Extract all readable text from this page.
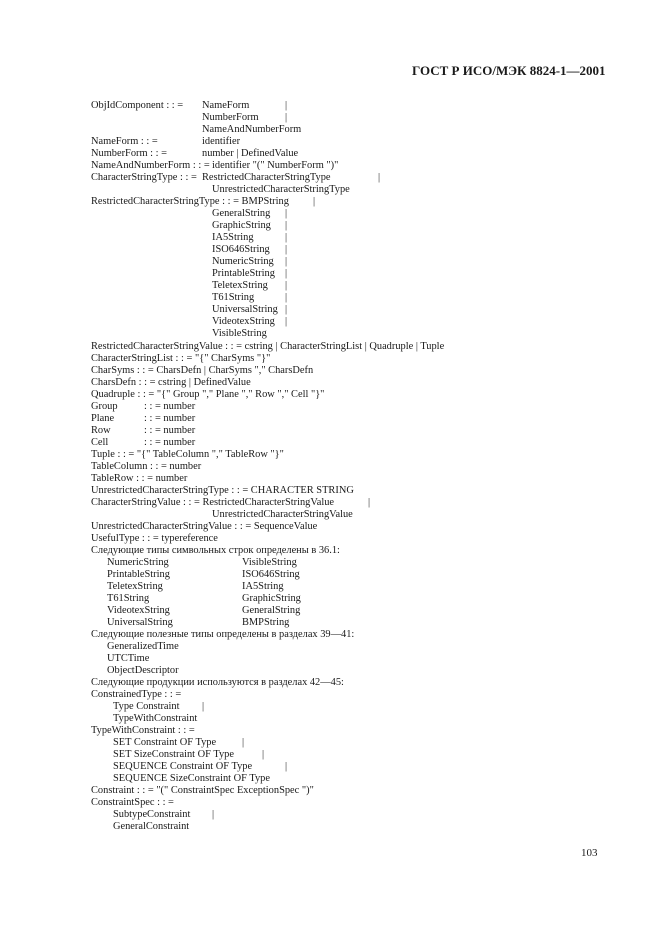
ГОСТ Р ИСО/МЭК 8824-1—2001
ObjIdComponent : : = NameForm	|
NumberForm	|
NameAndNumberForm
NameForm : : =	identifier
NumberForm : : =	number | DefinedValue
NameAndNumberForm : : = identifier "(" NumberForm ")"
CharacterStringType : : = RestrictedCharacterStringType	|
UnrestrictedCharacterStringType
RestrictedCharacterStringType : : = BMPString |
GeneralString |
GraphicString |
IA5String	|
ISO646String |
NumericString |
PrintableString |
TeletexString |
T61String	|
UniversalString |
VideotexString |
VisibleString
RestrictedCharacterStringValue : : = cstring | CharacterStringList | Quadruple | Tuple
CharacterStringList : : = "{" CharSyms "}"
CharSyms : : = CharsDefn | CharSyms "," CharsDefn
CharsDefn : : = cstring | DefinedValue
Quadruple : : = "{" Group "," Plane "," Row "," Cell "}"
Group	: : = number
Plane	: : = number
Row	: : = number
Cell	: : = number
Tuple : : = "{" TableColumn "," TableRow "}"
TableColumn : : = number
TableRow : : = number
UnrestrictedCharacterStringType : : = CHARACTER STRING
CharacterStringValue : : = RestrictedCharacterStringValue	|
UnrestrictedCharacterStringValue
UnrestrictedCharacterStringValue : : = SequenceValue
UsefulType : : = typereference
Следующие типы символьных строк определены в 36.1:
NumericString	VisibleString
PrintableString	ISO646String
TeletexString	IA5String
T61String	GraphicString
VideotexString	GeneralString
UniversalString	BMPString
Следующие полезные типы определены в разделах 39—41:
GeneralizedTime
UTCTime
ObjectDescriptor
Следующие продукции используются в разделах 42—45:
ConstrainedType : : =
Type Constraint |
TypeWithConstraint
TypeWithConstraint : : =
SET Constraint OF Type |
SET SizeConstraint OF Type	|
SEQUENCE Constraint OF Type	|
SEQUENCE SizeConstraint OF Type
Constraint : : = "(" ConstraintSpec ExceptionSpec ")"
ConstraintSpec : : =
SubtypeConstraint |
GeneralConstraint
103
